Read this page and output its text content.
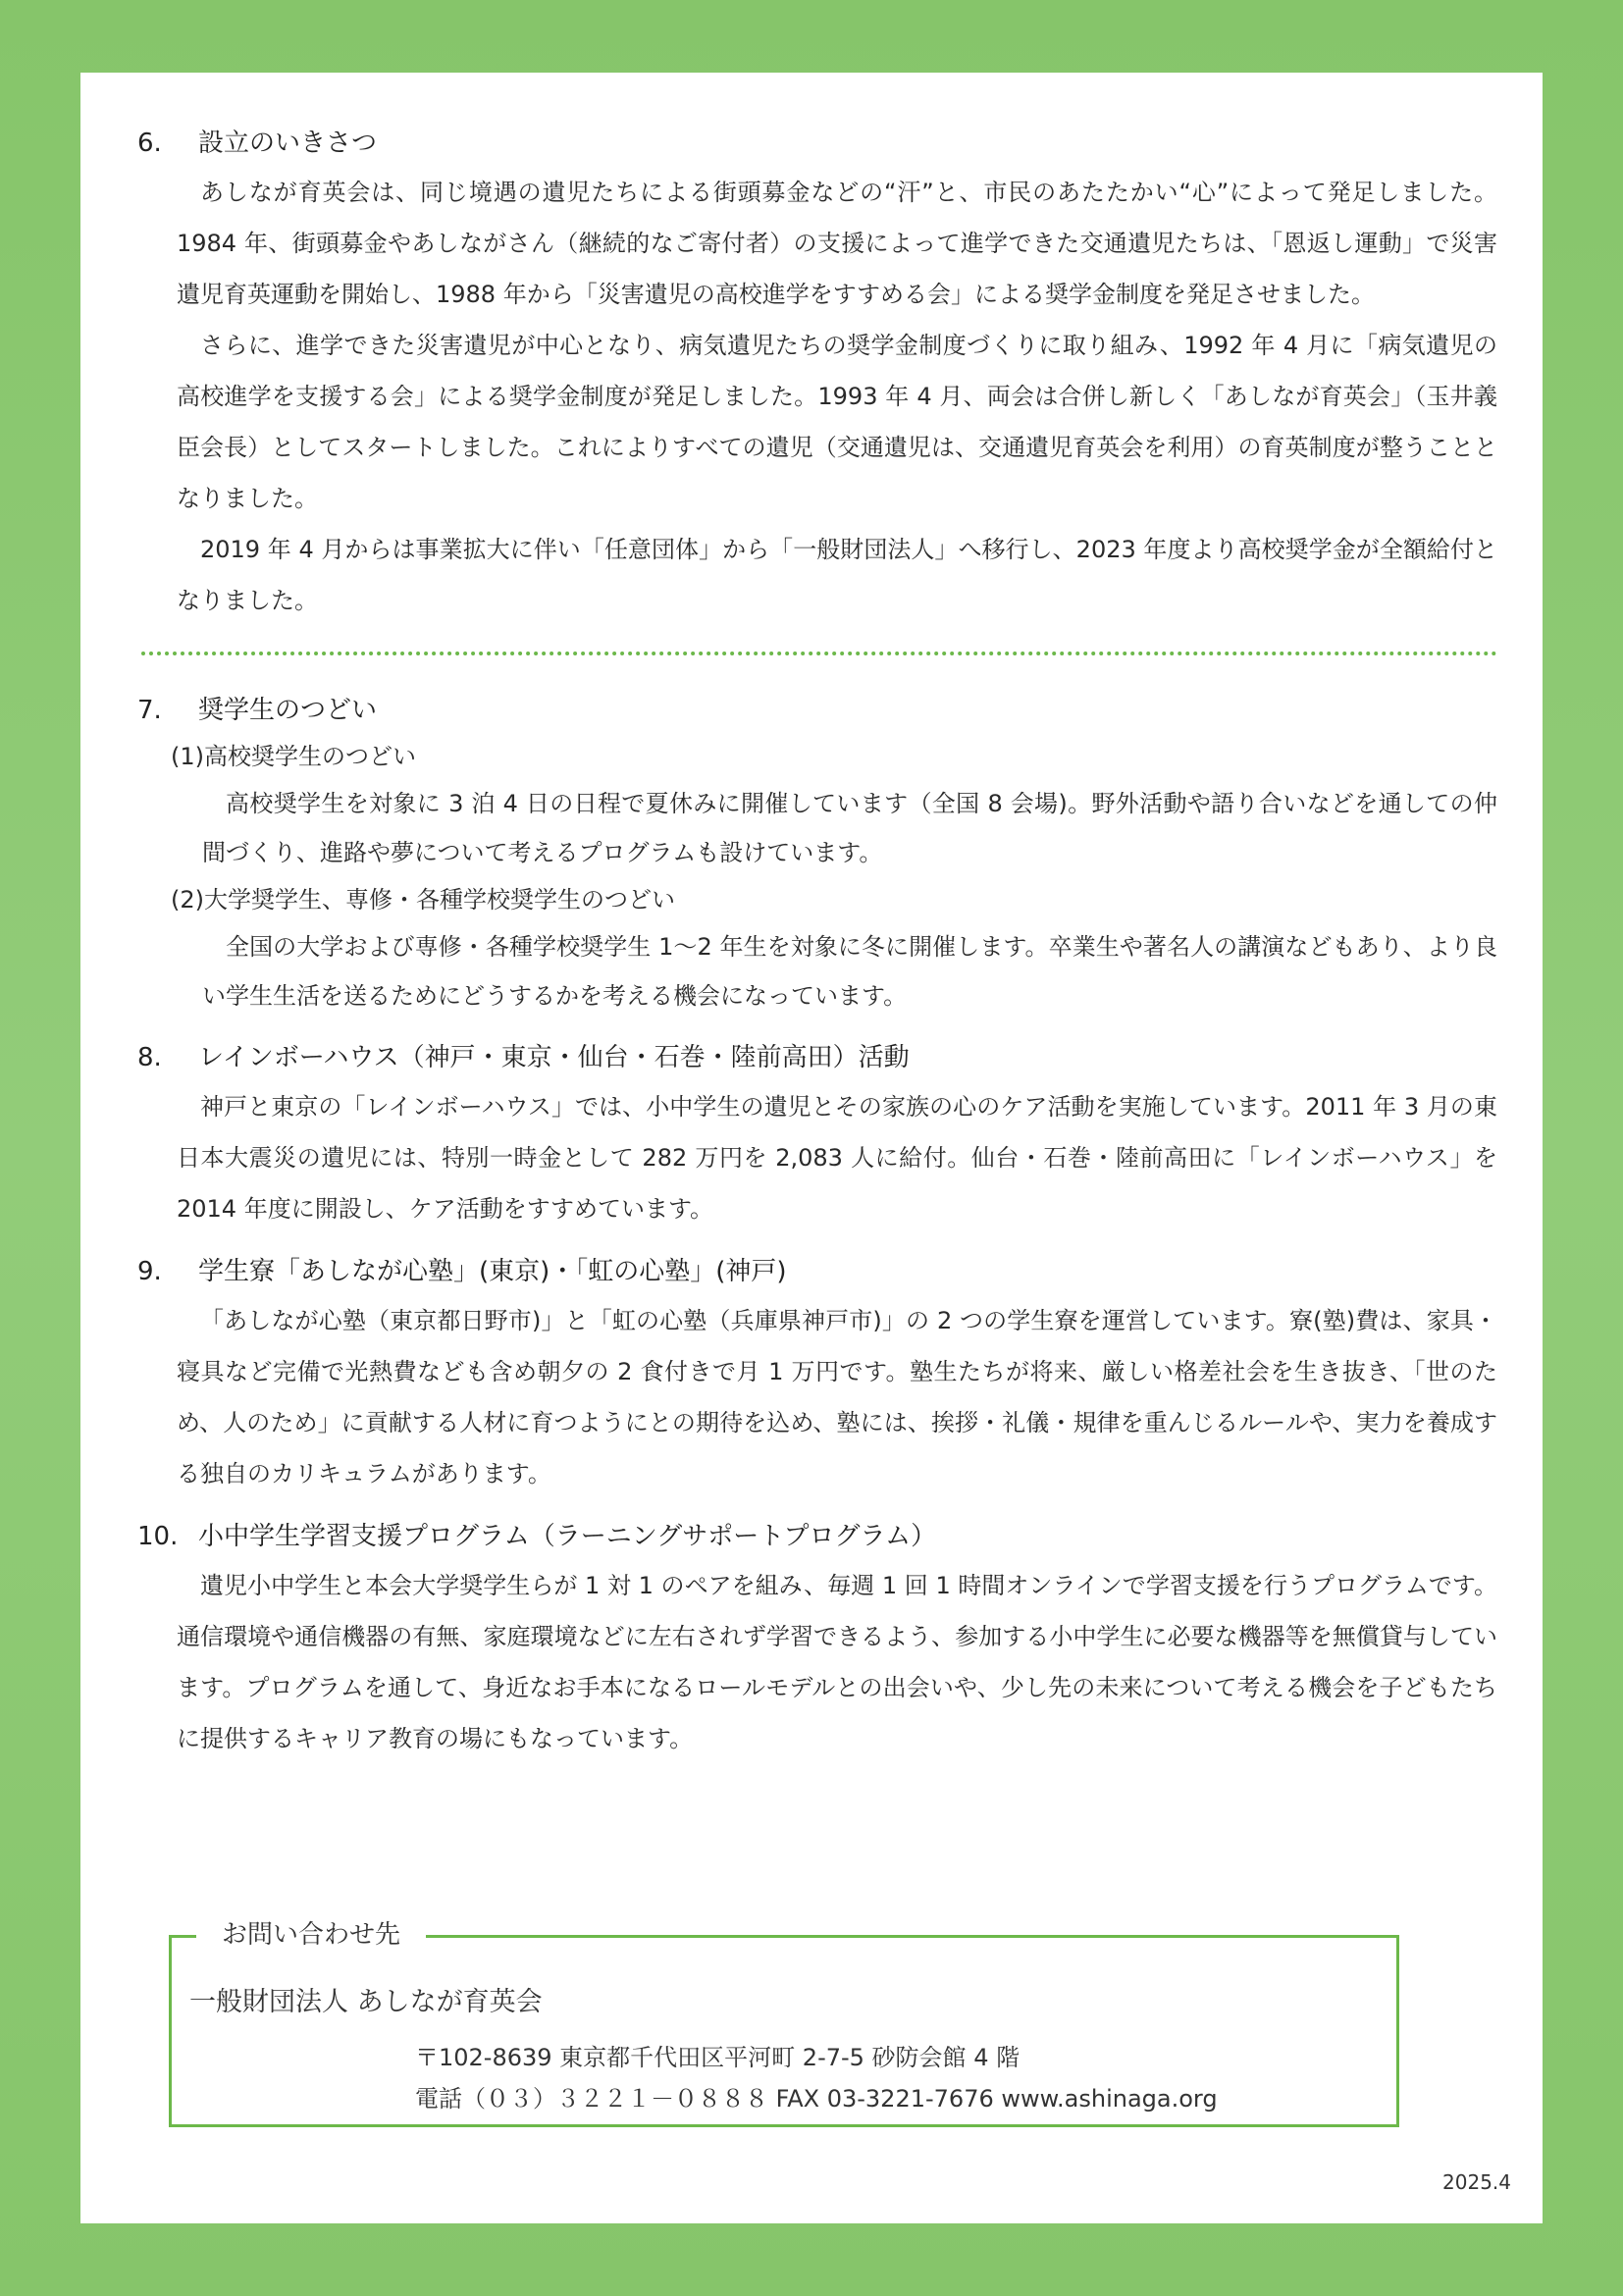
6.	設立のいきさつ

あしなが育英会は、同じ境遇の遺児たちによる街頭募金などの“汗”と、市民のあたたかい“心”によって発足しました。1984 年、街頭募金やあしながさん（継続的なご寄付者）の支援によって進学できた交通遺児たちは、「恩返し運動」で災害遺児育英運動を開始し、1988 年から「災害遺児の高校進学をすすめる会」による奨学金制度を発足させました。

さらに、進学できた災害遺児が中心となり、病気遺児たちの奨学金制度づくりに取り組み、1992 年 4 月に「病気遺児の高校進学を支援する会」による奨学金制度が発足しました。1993 年 4 月、両会は合併し新しく「あしなが育英会」（玉井義臣会長）としてスタートしました。これによりすべての遺児（交通遺児は、交通遺児育英会を利用）の育英制度が整うこととなりました。

2019 年 4 月からは事業拡大に伴い「任意団体」から「一般財団法人」へ移行し、2023 年度より高校奨学金が全額給付となりました。

7.	奨学生のつどい
(1)高校奨学生のつどい

高校奨学生を対象に 3 泊 4 日の日程で夏休みに開催しています（全国 8 会場)。野外活動や語り合いなどを通しての仲間づくり、進路や夢について考えるプログラムも設けています。

(2)大学奨学生、専修・各種学校奨学生のつどい

全国の大学および専修・各種学校奨学生 1～2 年生を対象に冬に開催します。卒業生や著名人の講演などもあり、より良い学生生活を送るためにどうするかを考える機会になっています。

8.	レインボーハウス（神戸・東京・仙台・石巻・陸前高田）活動

神戸と東京の「レインボーハウス」では、小中学生の遺児とその家族の心のケア活動を実施しています。2011 年 3 月の東日本大震災の遺児には、特別一時金として 282 万円を 2,083 人に給付。仙台・石巻・陸前高田に「レインボーハウス」を 2014 年度に開設し、ケア活動をすすめています。

9.	学生寮「あしなが心塾」(東京)・「虹の心塾」(神戸)

「あしなが心塾（東京都日野市)」と「虹の心塾（兵庫県神戸市)」の 2 つの学生寮を運営しています。寮(塾)費は、家具・寝具など完備で光熱費なども含め朝夕の 2 食付きで月 1 万円です。塾生たちが将来、厳しい格差社会を生き抜き、「世のため、人のため」に貢献する人材に育つようにとの期待を込め、塾には、挨拶・礼儀・規律を重んじるルールや、実力を養成する独自のカリキュラムがあります。

10. 小中学生学習支援プログラム（ラーニングサポートプログラム）

遺児小中学生と本会大学奨学生らが 1 対 1 のペアを組み、毎週 1 回 1 時間オンラインで学習支援を行うプログラムです。通信環境や通信機器の有無、家庭環境などに左右されず学習できるよう、参加する小中学生に必要な機器等を無償貸与しています。プログラムを通して、身近なお手本になるロールモデルとの出会いや、少し先の未来について考える機会を子どもたちに提供するキャリア教育の場にもなっています。

一般財団法人 あしなが育英会
〒102-8639 東京都千代田区平河町 2-7-5 砂防会館 4 階
電話（０３）３２２１－０８８８ FAX 03-3221-7676 www.ashinaga.org
お問い合わせ先
2025.4
